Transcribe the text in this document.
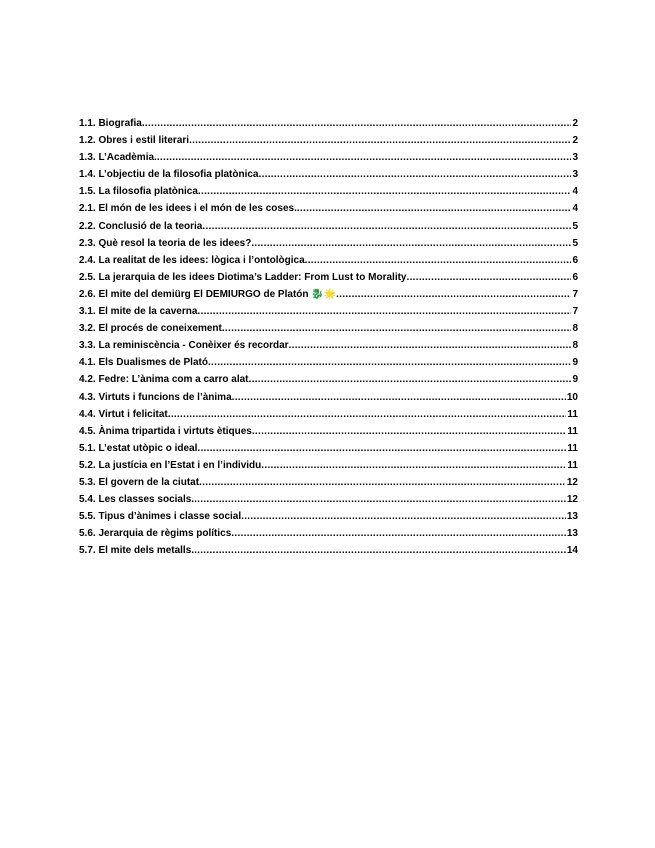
1.1. Biografia .....	2
1.2. Obres i estil literari .....	2
1.3. L’Acadèmia. .....	3
1.4. L’objectiu de la filosofia platònica .....	3
1.5. La filosofia platònica .....	4
2.1. El món de les idees i el món de les coses. .....	4
2.2. Conclusió de la teoria .....	5
2.3. Què resol la teoria de les idees? .....	5
2.4. La realitat de les idees: lògica i l’ontològica .....	6
2.5. La jerarquia de les idees Diotima’s Ladder: From Lust to Morality .....	6
2.6. El mite del demiürg El DEMIURGO de Platón 🐉🌟 .....	7
3.1. El mite de la caverna .....	7
3.2. El procés de coneixement .....	8
3.3. La reminiscència - Conèixer és recordar .....	8
4.1. Els Dualismes de Plató .....	9
4.2. Fedre: L’ànima com a carro alat .....	9
4.3. Virtuts i funcions de l’ànima .....	10
4.4. Virtut i felicitat .....	11
4.5. Ànima tripartida i virtuts ètiques .....	11
5.1. L’estat utòpic o ideal .....	11
5.2. La justícia en l’Estat i en l’individu .....	11
5.3. El govern de la ciutat .....	12
5.4. Les classes socials. .....	12
5.5. Tipus d’ànimes i classe social .....	13
5.6. Jerarquia de règims polítics .....	13
5.7. El mite dels metalls. .....	14
